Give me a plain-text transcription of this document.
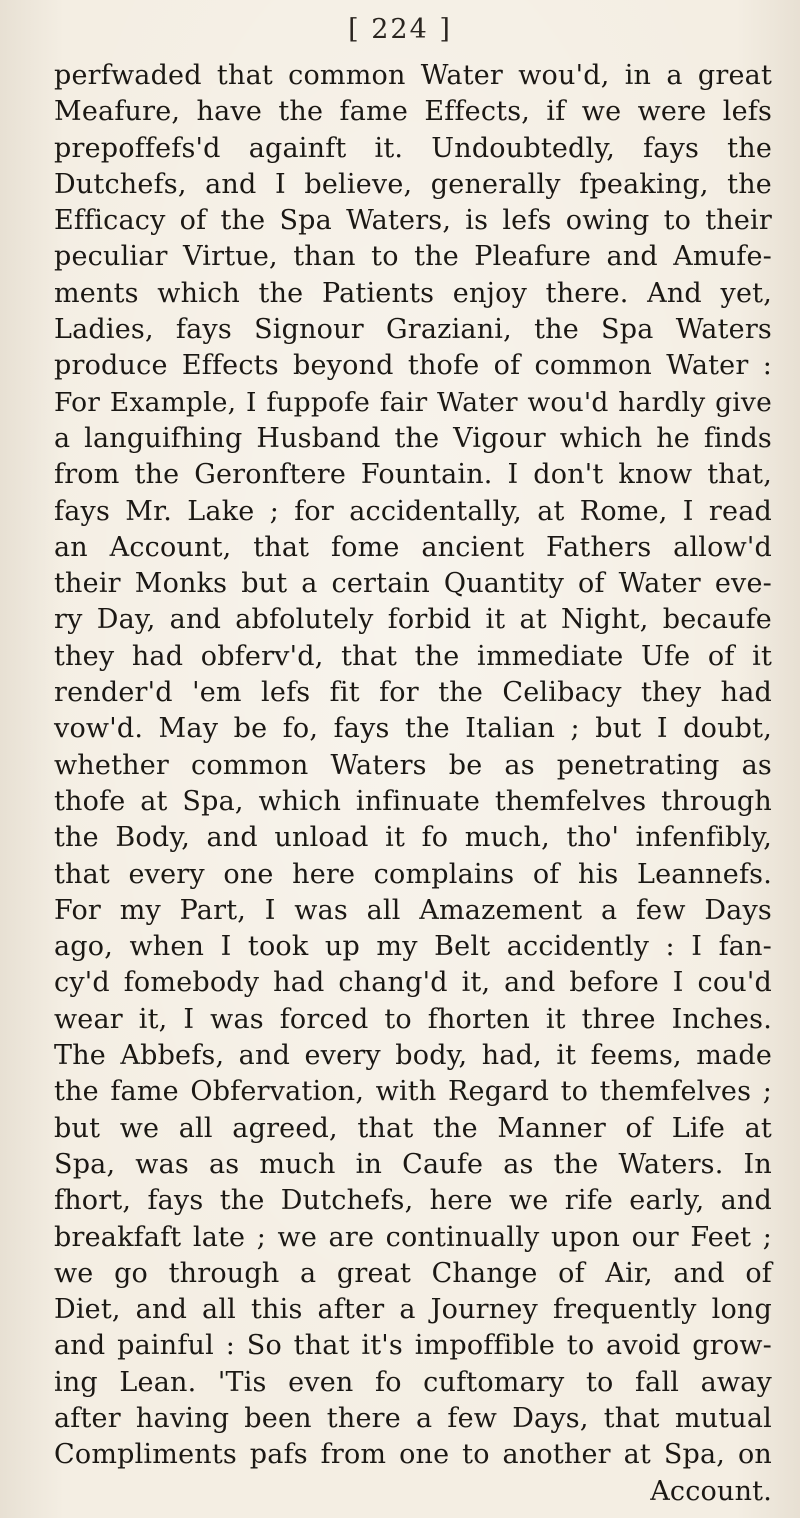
[ 224 ]
perfwaded that common Water wou'd, in a great
Meafure, have the fame Effects, if we were lefs
prepoffefs'd againft it. Undoubtedly, fays the
Dutchefs, and I believe, generally fpeaking, the
Efficacy of the Spa Waters, is lefs owing to their
peculiar Virtue, than to the Pleafure and Amufe-
ments which the Patients enjoy there. And yet,
Ladies, fays Signour Graziani, the Spa Waters
produce Effects beyond thofe of common Water :
For Example, I fuppofe fair Water wou'd hardly give
a languifhing Husband the Vigour which he finds
from the Geronftere Fountain. I don't know that,
fays Mr. Lake ; for accidentally, at Rome, I read
an Account, that fome ancient Fathers allow'd
their Monks but a certain Quantity of Water eve-
ry Day, and abfolutely forbid it at Night, becaufe
they had obferv'd, that the immediate Ufe of it
render'd 'em lefs fit for the Celibacy they had
vow'd. May be fo, fays the Italian ; but I doubt,
whether common Waters be as penetrating as
thofe at Spa, which infinuate themfelves through
the Body, and unload it fo much, tho' infenfibly,
that every one here complains of his Leannefs.
For my Part, I was all Amazement a few Days
ago, when I took up my Belt accidently : I fan-
cy'd fomebody had chang'd it, and before I cou'd
wear it, I was forced to fhorten it three Inches.
The Abbefs, and every body, had, it feems, made
the fame Obfervation, with Regard to themfelves ;
but we all agreed, that the Manner of Life at
Spa, was as much in Caufe as the Waters. In
fhort, fays the Dutchefs, here we rife early, and
breakfaft late ; we are continually upon our Feet ;
we go through a great Change of Air, and of
Diet, and all this after a Journey frequently long
and painful : So that it's impoffible to avoid grow-
ing Lean. 'Tis even fo cuftomary to fall away
after having been there a few Days, that mutual
Compliments pafs from one to another at Spa, on
Account.
